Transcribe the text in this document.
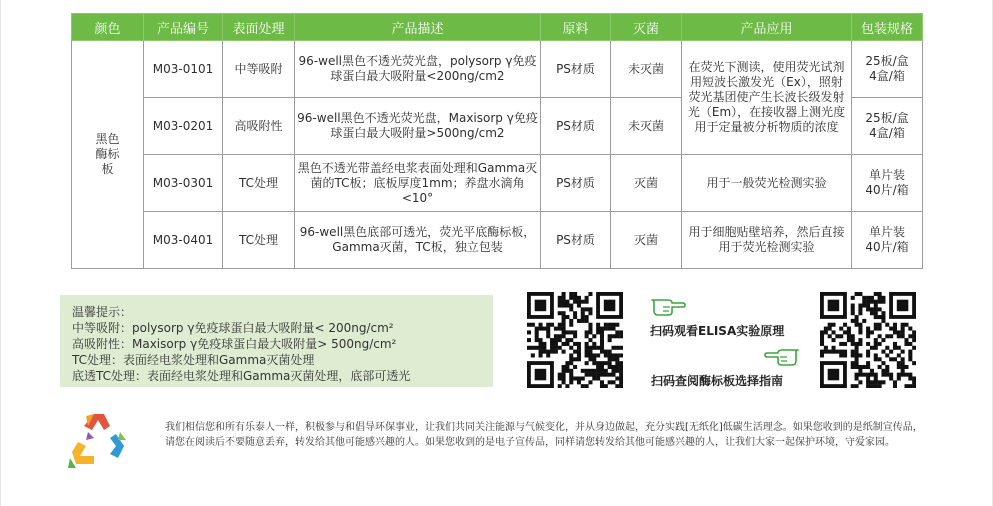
颜色	产品编号	表面处理	产品描述	原料	灭菌	产品应用	包装规格
黑色酶标板	M03-0101	中等吸附	96-well黑色不透光荧光盘，polysorp γ免疫球蛋白最大吸附量<200ng/cm2	PS材质	未灭菌	在荧光下测读，使用荧光试剂用短波长激发光（Ex），照射荧光基团使产生长波长级发射光（Em），在接收器上测光度用于定量被分析物质的浓度	25板/盒4盒/箱
	M03-0201	高吸附性	96-well黑色不透光荧光盘，Maxisorp γ免疫球蛋白最大吸附量>500ng/cm2	PS材质	未灭菌		25板/盒4盒/箱
	M03-0301	TC处理	黑色不透光带盖经电浆表面处理和Gamma灭菌的TC板；底板厚度1mm；养盘水滴角<10°	PS材质	灭菌	用于一般荧光检测实验	单片装40片/箱
	M03-0401	TC处理	96-well黑色底部可透光，荧光平底酶标板，Gamma灭菌，TC板，独立包装	PS材质	灭菌	用于细胞贴壁培养，然后直接用于荧光检测实验	单片装40片/箱
温馨提示：
中等吸附：polysorp γ免疫球蛋白最大吸附量< 200ng/cm²
高吸附性：Maxisorp γ免疫球蛋白最大吸附量> 500ng/cm²
TC处理：表面经电浆处理和Gamma灭菌处理
底透TC处理：表面经电浆处理和Gamma灭菌处理，底部可透光
扫码观看ELISA实验原理
扫码查阅酶标板选择指南
我们相信您和所有乐泰人一样，积极参与和倡导环保事业，让我们共同关注能源与气候变化，并从身边做起，充分实践[无纸化]低碳生活理念。如果您收到的是纸制宣传品，请您在阅读后不要随意丢弃，转发给其他可能感兴趣的人。如果您收到的是电子宣传品，同样请您转发给其他可能感兴趣的人，让我们大家一起保护环境，守爱家园。
